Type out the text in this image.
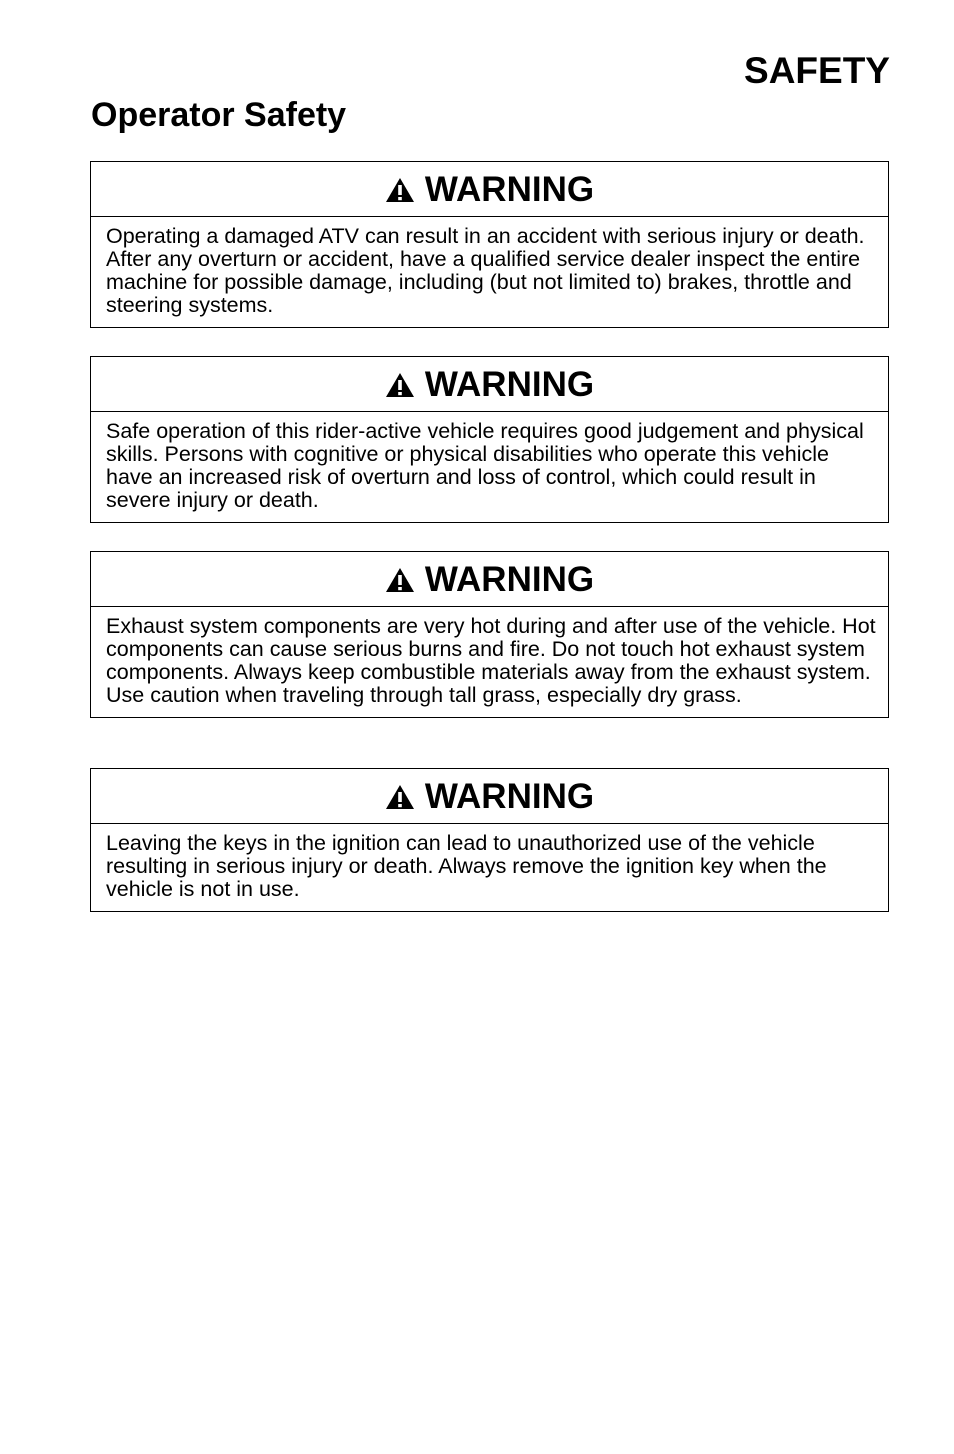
SAFETY
Operator Safety
WARNING

Operating a damaged ATV can result in an accident with serious injury or death. After any overturn or accident, have a qualified service dealer inspect the entire machine for possible damage, including (but not limited to) brakes, throttle and steering systems.

WARNING

Safe operation of this rider-active vehicle requires good judgement and physical skills. Persons with cognitive or physical disabilities who operate this vehicle have an increased risk of overturn and loss of control, which could result in severe injury or death.

WARNING

Exhaust system components are very hot during and after use of the vehicle. Hot components can cause serious burns and fire. Do not touch hot exhaust system components. Always keep combustible materials away from the exhaust system. Use caution when traveling through tall grass, especially dry grass.

WARNING

Leaving the keys in the ignition can lead to unauthorized use of the vehicle resulting in serious injury or death. Always remove the ignition key when the vehicle is not in use.
